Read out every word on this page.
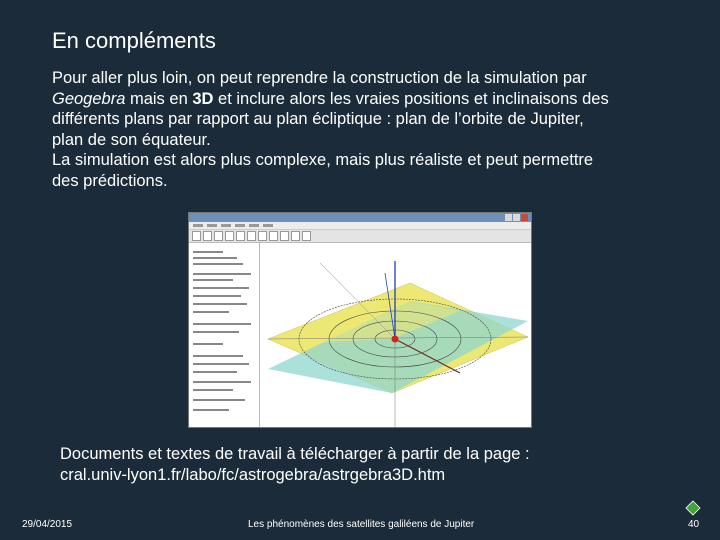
En compléments

Pour aller plus loin, on peut reprendre la construction de la simulation par

Geogebra mais en 3D et inclure alors les vraies positions et inclinaisons des

différents plans par rapport au plan écliptique : plan de l’orbite de Jupiter,

plan de son équateur.

La simulation est alors plus complexe, mais plus réaliste et peut permettre

des prédictions.

Documents et textes de travail à télécharger à partir de la page :

cral.univ-lyon1.fr/labo/fc/astrogebra/astrgebra3D.htm

29/04/2015	Les phénomènes des satellites galiléens de Jupiter	40
